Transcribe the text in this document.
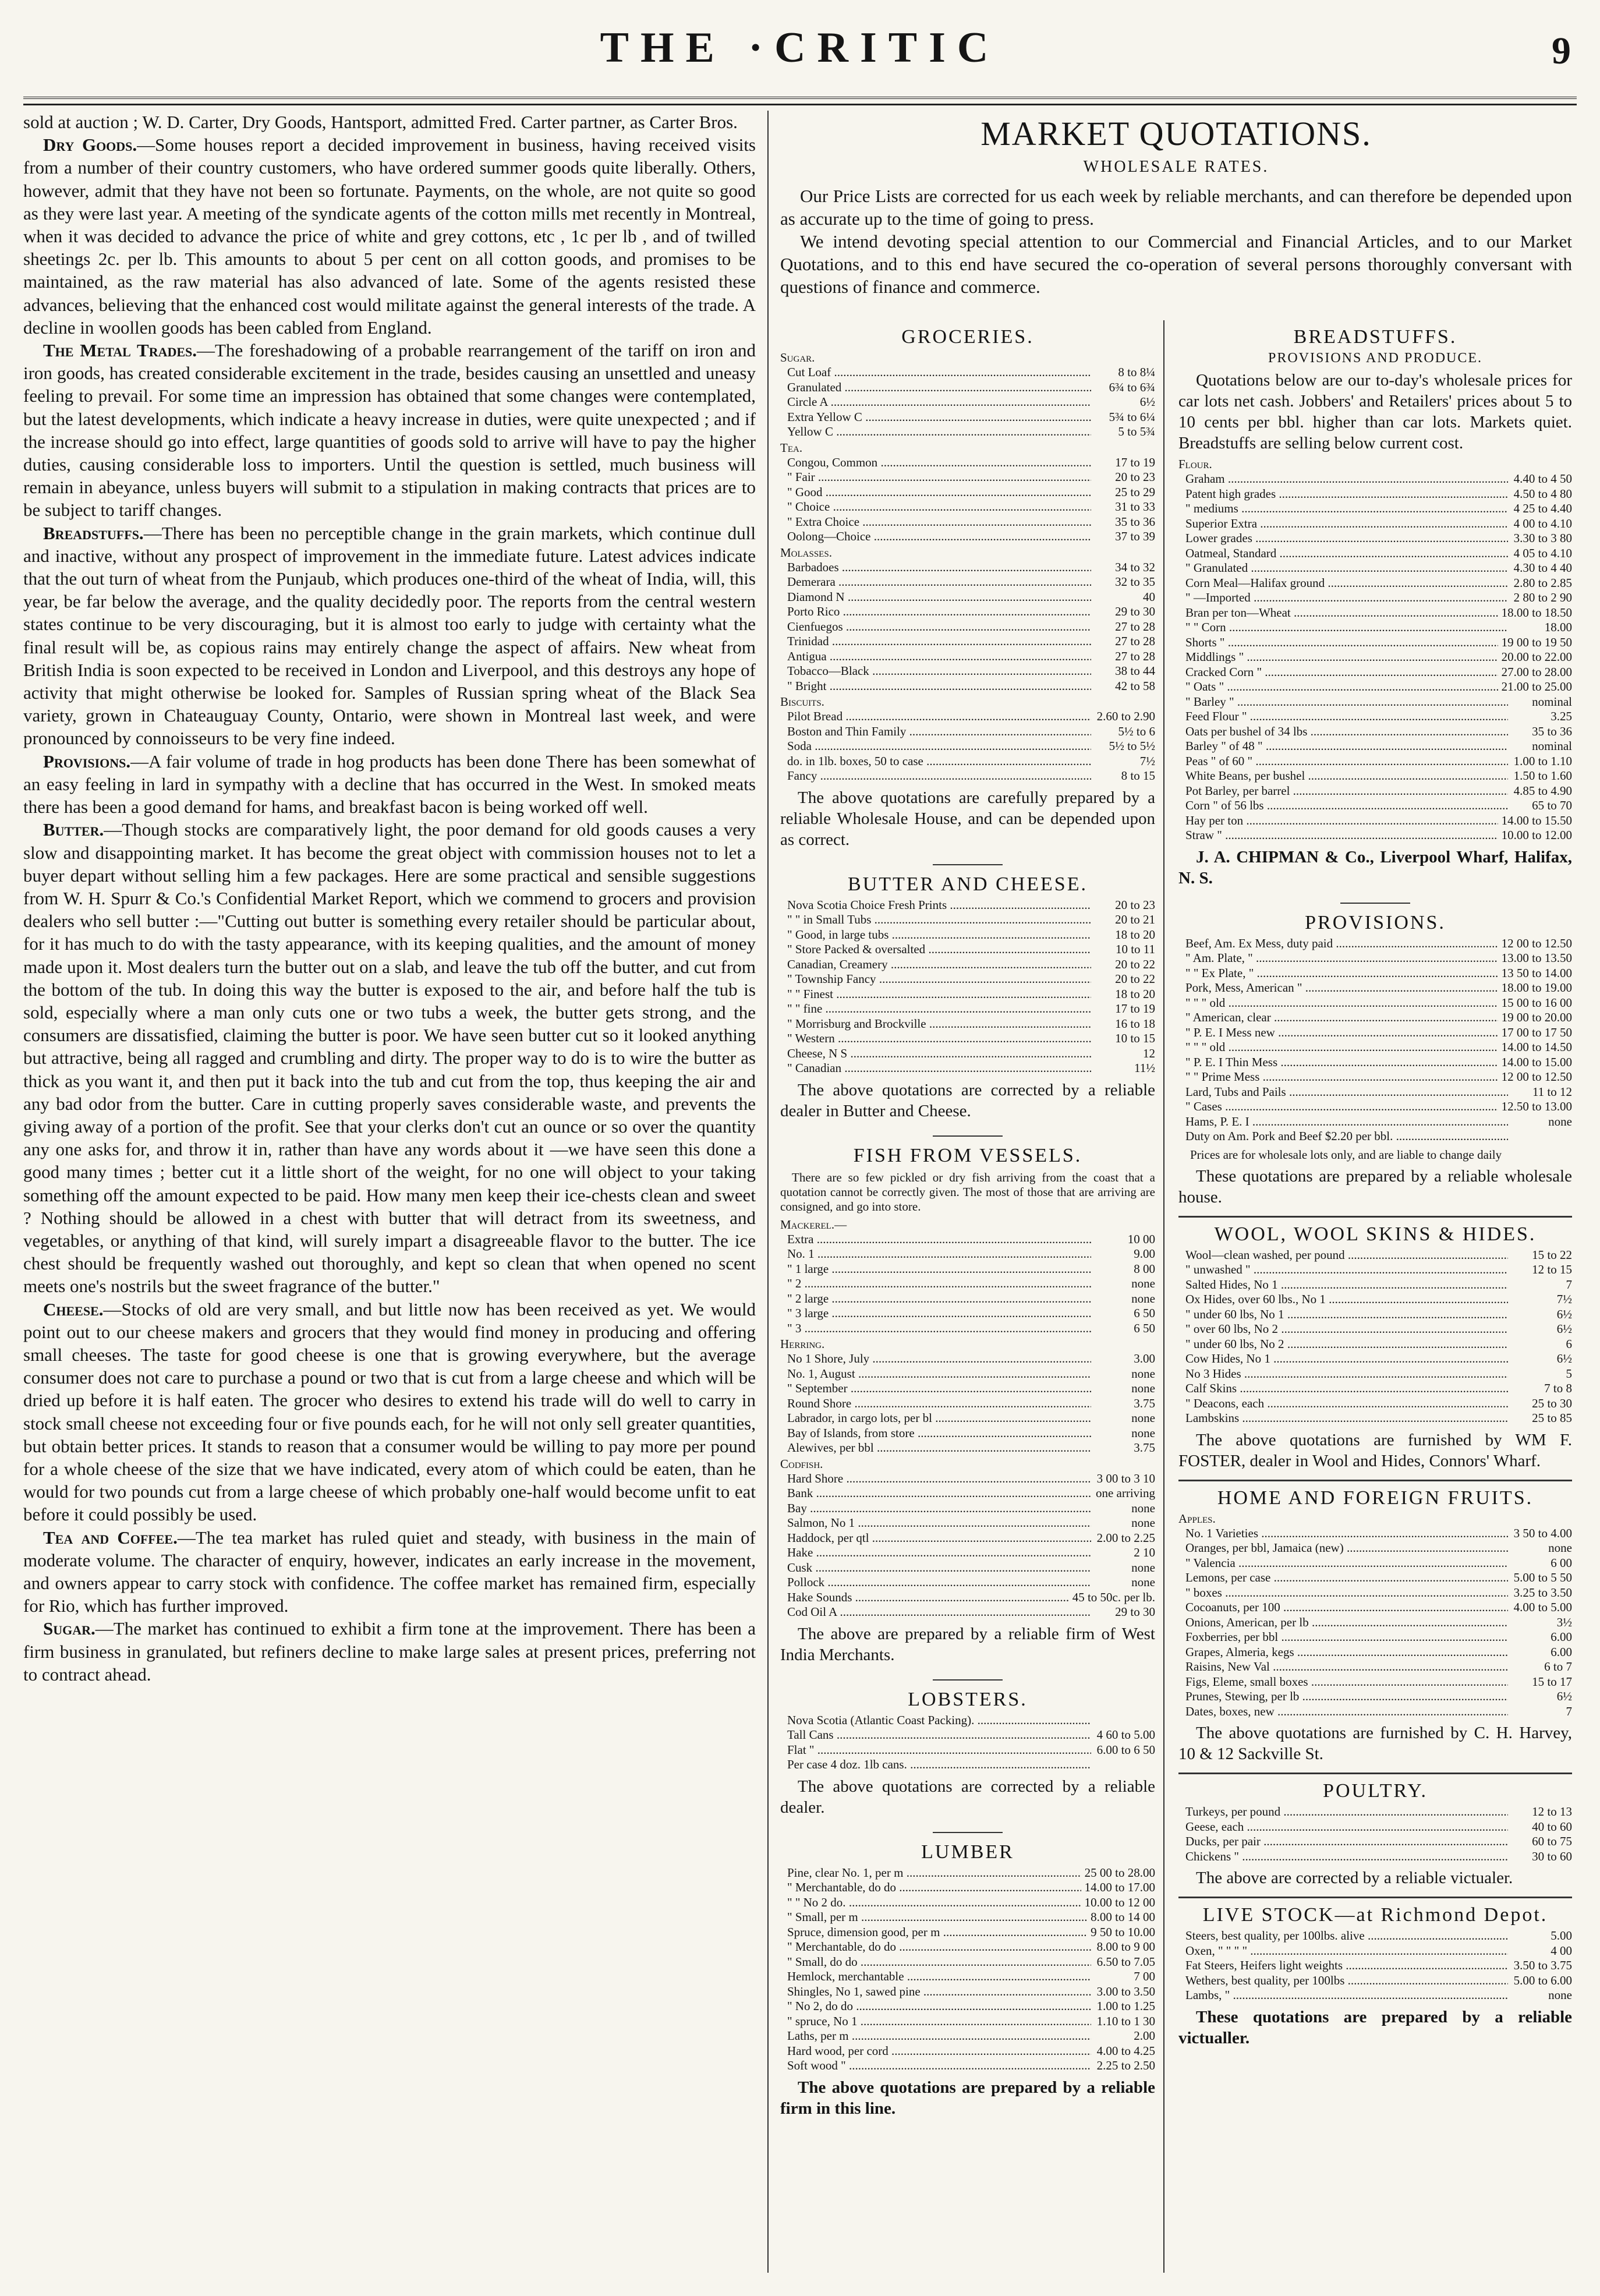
THE ·CRITIC	9

sold at auction ; W. D. Carter, Dry Goods, Hantsport, admitted Fred. Carter partner, as Carter Bros.

Dry Goods.—Some houses report a decided improvement in business, having received visits from a number of their country customers, who have ordered summer goods quite liberally. Others, however, admit that they have not been so fortunate. Payments, on the whole, are not quite so good as they were last year. A meeting of the syndicate agents of the cotton mills met recently in Montreal, when it was decided to advance the price of white and grey cottons, etc , 1c per lb , and of twilled sheetings 2c. per lb. This amounts to about 5 per cent on all cotton goods, and promises to be maintained, as the raw material has also advanced of late. Some of the agents resisted these advances, believing that the enhanced cost would militate against the general interests of the trade. A decline in woollen goods has been cabled from England.

The Metal Trades.—The foreshadowing of a probable rearrangement of the tariff on iron and iron goods, has created considerable excitement in the trade, besides causing an unsettled and uneasy feeling to prevail. For some time an impression has obtained that some changes were contemplated, but the latest developments, which indicate a heavy increase in duties, were quite unexpected ; and if the increase should go into effect, large quantities of goods sold to arrive will have to pay the higher duties, causing considerable loss to importers. Until the question is settled, much business will remain in abeyance, unless buyers will submit to a stipulation in making contracts that prices are to be subject to tariff changes.

Breadstuffs.—There has been no perceptible change in the grain markets, which continue dull and inactive, without any prospect of improvement in the immediate future. Latest advices indicate that the out turn of wheat from the Punjaub, which produces one-third of the wheat of India, will, this year, be far below the average, and the quality decidedly poor. The reports from the central western states continue to be very discouraging, but it is almost too early to judge with certainty what the final result will be, as copious rains may entirely change the aspect of affairs. New wheat from British India is soon expected to be received in London and Liverpool, and this destroys any hope of activity that might otherwise be looked for. Samples of Russian spring wheat of the Black Sea variety, grown in Chateauguay County, Ontario, were shown in Montreal last week, and were pronounced by connoisseurs to be very fine indeed.

Provisions.—A fair volume of trade in hog products has been done There has been somewhat of an easy feeling in lard in sympathy with a decline that has occurred in the West. In smoked meats there has been a good demand for hams, and breakfast bacon is being worked off well.

Butter.—Though stocks are comparatively light, the poor demand for old goods causes a very slow and disappointing market. It has become the great object with commission houses not to let a buyer depart without selling him a few packages. Here are some practical and sensible suggestions from W. H. Spurr & Co.'s Confidential Market Report, which we commend to grocers and provision dealers who sell butter :—"Cutting out butter is something every retailer should be particular about, for it has much to do with the tasty appearance, with its keeping qualities, and the amount of money made upon it. Most dealers turn the butter out on a slab, and leave the tub off the butter, and cut from the bottom of the tub. In doing this way the butter is exposed to the air, and before half the tub is sold, especially where a man only cuts one or two tubs a week, the butter gets strong, and the consumers are dissatisfied, claiming the butter is poor. We have seen butter cut so it looked anything but attractive, being all ragged and crumbling and dirty. The proper way to do is to wire the butter as thick as you want it, and then put it back into the tub and cut from the top, thus keeping the air and any bad odor from the butter. Care in cutting properly saves considerable waste, and prevents the giving away of a portion of the profit. See that your clerks don't cut an ounce or so over the quantity any one asks for, and throw it in, rather than have any words about it —we have seen this done a good many times ; better cut it a little short of the weight, for no one will object to your taking something off the amount expected to be paid. How many men keep their ice-chests clean and sweet ? Nothing should be allowed in a chest with butter that will detract from its sweetness, and vegetables, or anything of that kind, will surely impart a disagreeable flavor to the butter. The ice chest should be frequently washed out thoroughly, and kept so clean that when opened no scent meets one's nostrils but the sweet fragrance of the butter."

Cheese.—Stocks of old are very small, and but little now has been received as yet. We would point out to our cheese makers and grocers that they would find money in producing and offering small cheeses. The taste for good cheese is one that is growing everywhere, but the average consumer does not care to purchase a pound or two that is cut from a large cheese and which will be dried up before it is half eaten. The grocer who desires to extend his trade will do well to carry in stock small cheese not exceeding four or five pounds each, for he will not only sell greater quantities, but obtain better prices. It stands to reason that a consumer would be willing to pay more per pound for a whole cheese of the size that we have indicated, every atom of which could be eaten, than he would for two pounds cut from a large cheese of which probably one-half would become unfit to eat before it could possibly be used.

Tea and Coffee.—The tea market has ruled quiet and steady, with business in the main of moderate volume. The character of enquiry, however, indicates an early increase in the movement, and owners appear to carry stock with confidence. The coffee market has remained firm, especially for Rio, which has further improved.

Sugar.—The market has continued to exhibit a firm tone at the improvement. There has been a firm business in granulated, but refiners decline to make large sales at present prices, preferring not to contract ahead.

MARKET QUOTATIONS.
WHOLESALE RATES.
Our Price Lists are corrected for us each week by reliable merchants, and can therefore be depended upon as accurate up to the time of going to press.
We intend devoting special attention to our Commercial and Financial Articles, and to our Market Quotations, and to this end have secured the co-operation of several persons thoroughly conversant with questions of finance and commerce.
GROCERIES.
Sugar.
Cut Loaf .....	8 to 8¼
Granulated .....	6¾ to 6¾
Circle A .....	6½
Extra Yellow C .....	5¾ to 6¼
Yellow C .....	5 to 5¾
Tea.
Congou, Common .....	17 to 19
" Fair .....	20 to 23
" Good .....	25 to 29
" Choice .....	31 to 33
" Extra Choice .....	35 to 36
Oolong—Choice .....	37 to 39
Molasses.
Barbadoes .....	34 to 32
Demerara .....	32 to 35
Diamond N .....	40
Porto Rico .....	29 to 30
Cienfuegos .....	27 to 28
Trinidad .....	27 to 28
Antigua .....	27 to 28
Tobacco—Black .....	38 to 44
" Bright .....	42 to 58
Biscuits.
Pilot Bread .....	2.60 to 2.90
Boston and Thin Family .....	5½ to 6
Soda .....	5½ to 5½
do. in 1lb. boxes, 50 to case .....	7½
Fancy .....	8 to 15
The above quotations are carefully prepared by a reliable Wholesale House, and can be depended upon as correct.
BUTTER AND CHEESE.
Nova Scotia Choice Fresh Prints .....	20 to 23
" " in Small Tubs .....	20 to 21
" Good, in large tubs .....	18 to 20
" Store Packed & oversalted .....	10 to 11
Canadian, Creamery .....	20 to 22
" Township Fancy .....	20 to 22
" " Finest .....	18 to 20
" " fine .....	17 to 19
" Morrisburg and Brockville .....	16 to 18
" Western .....	10 to 15
Cheese, N S .....	12
" Canadian .....	11½
The above quotations are corrected by a reliable dealer in Butter and Cheese.
FISH FROM VESSELS.
There are so few pickled or dry fish arriving from the coast that a quotation cannot be correctly given. The most of those that are arriving are consigned, and go into store.
Mackerel.—
Extra .....	10 00
No. 1 .....	9.00
" 1 large .....	8 00
" 2 .....	none
" 2 large .....	none
" 3 large .....	6 50
" 3 .....	6 50
Herring.
No 1 Shore, July .....	3.00
No. 1, August .....	none
" September .....	none
Round Shore .....	3.75
Labrador, in cargo lots, per bl .....	none
Bay of Islands, from store .....	none
Alewives, per bbl .....	3.75
Codfish.
Hard Shore .....	3 00 to 3 10
Bank .....	one arriving
Bay .....	none
Salmon, No 1 .....	none
Haddock, per qtl .....	2.00 to 2.25
Hake .....	2 10
Cusk .....	none
Pollock .....	none
Hake Sounds .....	45 to 50c. per lb.
Cod Oil A .....	29 to 30
The above are prepared by a reliable firm of West India Merchants.
LOBSTERS.
Nova Scotia (Atlantic Coast Packing). .....
Tall Cans .....	4 60 to 5.00
Flat " .....	6.00 to 6 50
Per case 4 doz. 1lb cans. .....
The above quotations are corrected by a reliable dealer.
LUMBER
Pine, clear No. 1, per m .....	25 00 to 28.00
" Merchantable, do do .....	14.00 to 17.00
" " No 2 do. .....	10.00 to 12 00
" Small, per m .....	8.00 to 14 00
Spruce, dimension good, per m .....	9 50 to 10.00
" Merchantable, do do .....	8.00 to 9 00
" Small, do do .....	6.50 to 7.05
Hemlock, merchantable .....	7 00
Shingles, No 1, sawed pine .....	3.00 to 3.50
" No 2, do do .....	1.00 to 1.25
" spruce, No 1 .....	1.10 to 1 30
Laths, per m .....	2.00
Hard wood, per cord .....	4.00 to 4.25
Soft wood " .....	2.25 to 2.50
The above quotations are prepared by a reliable firm in this line.
BREADSTUFFS.
PROVISIONS AND PRODUCE.
Quotations below are our to-day's wholesale prices for car lots net cash. Jobbers' and Retailers' prices about 5 to 10 cents per bbl. higher than car lots. Markets quiet. Breadstuffs are selling below current cost.
Flour.
Graham .....	4.40 to 4 50
Patent high grades .....	4.50 to 4 80
" mediums .....	4 25 to 4.40
Superior Extra .....	4 00 to 4.10
Lower grades .....	3.30 to 3 80
Oatmeal, Standard .....	4 05 to 4.10
" Granulated .....	4.30 to 4 40
Corn Meal—Halifax ground .....	2.80 to 2.85
" —Imported .....	2 80 to 2 90
Bran per ton—Wheat .....	18.00 to 18.50
" " Corn .....	18.00
Shorts " .....	19 00 to 19 50
Middlings " .....	20.00 to 22.00
Cracked Corn " .....	27.00 to 28.00
" Oats " .....	21.00 to 25.00
" Barley " .....	nominal
Feed Flour " .....	3.25
Oats per bushel of 34 lbs .....	35 to 36
Barley " of 48 " .....	nominal
Peas " of 60 " .....	1.00 to 1.10
White Beans, per bushel .....	1.50 to 1.60
Pot Barley, per barrel .....	4.85 to 4.90
Corn " of 56 lbs .....	65 to 70
Hay per ton .....	14.00 to 15.50
Straw " .....	10.00 to 12.00
J. A. CHIPMAN & Co., Liverpool Wharf, Halifax, N. S.
PROVISIONS.
Beef, Am. Ex Mess, duty paid .....	12 00 to 12.50
" Am. Plate, " .....	13.00 to 13.50
" " Ex Plate, " .....	13 50 to 14.00
Pork, Mess, American " .....	18.00 to 19.00
" " " old .....	15 00 to 16 00
" American, clear .....	19 00 to 20.00
" P. E. I Mess new .....	17 00 to 17 50
" " " old .....	14.00 to 14.50
" P. E. I Thin Mess .....	14.00 to 15.00
" " Prime Mess .....	12 00 to 12.50
Lard, Tubs and Pails .....	11 to 12
" Cases .....	12.50 to 13.00
Hams, P. E. I .....	none
Duty on Am. Pork and Beef $2.20 per bbl. .....
Prices are for wholesale lots only, and are liable to change daily
These quotations are prepared by a reliable wholesale house.
WOOL, WOOL SKINS & HIDES.
Wool—clean washed, per pound .....	15 to 22
" unwashed " .....	12 to 15
Salted Hides, No 1 .....	7
Ox Hides, over 60 lbs., No 1 .....	7½
" under 60 lbs, No 1 .....	6½
" over 60 lbs, No 2 .....	6½
" under 60 lbs, No 2 .....	6
Cow Hides, No 1 .....	6½
No 3 Hides .....	5
Calf Skins .....	7 to 8
" Deacons, each .....	25 to 30
Lambskins .....	25 to 85
The above quotations are furnished by WM F. FOSTER, dealer in Wool and Hides, Connors' Wharf.
HOME AND FOREIGN FRUITS.
Apples.
No. 1 Varieties .....	3 50 to 4.00
Oranges, per bbl, Jamaica (new) .....	none
" Valencia .....	6 00
Lemons, per case .....	5.00 to 5 50
" boxes .....	3.25 to 3.50
Cocoanuts, per 100 .....	4.00 to 5.00
Onions, American, per lb .....	3½
Foxberries, per bbl .....	6.00
Grapes, Almeria, kegs .....	6.00
Raisins, New Val .....	6 to 7
Figs, Eleme, small boxes .....	15 to 17
Prunes, Stewing, per lb .....	6½
Dates, boxes, new .....	7
The above quotations are furnished by C. H. Harvey, 10 & 12 Sackville St.
POULTRY.
Turkeys, per pound .....	12 to 13
Geese, each .....	40 to 60
Ducks, per pair .....	60 to 75
Chickens " .....	30 to 60
The above are corrected by a reliable victualer.
LIVE STOCK—at Richmond Depot.
Steers, best quality, per 100lbs. alive .....	5.00
Oxen, " " " " .....	4 00
Fat Steers, Heifers light weights .....	3.50 to 3.75
Wethers, best quality, per 100lbs .....	5.00 to 6.00
Lambs, " .....	none
These quotations are prepared by a reliable victualler.
